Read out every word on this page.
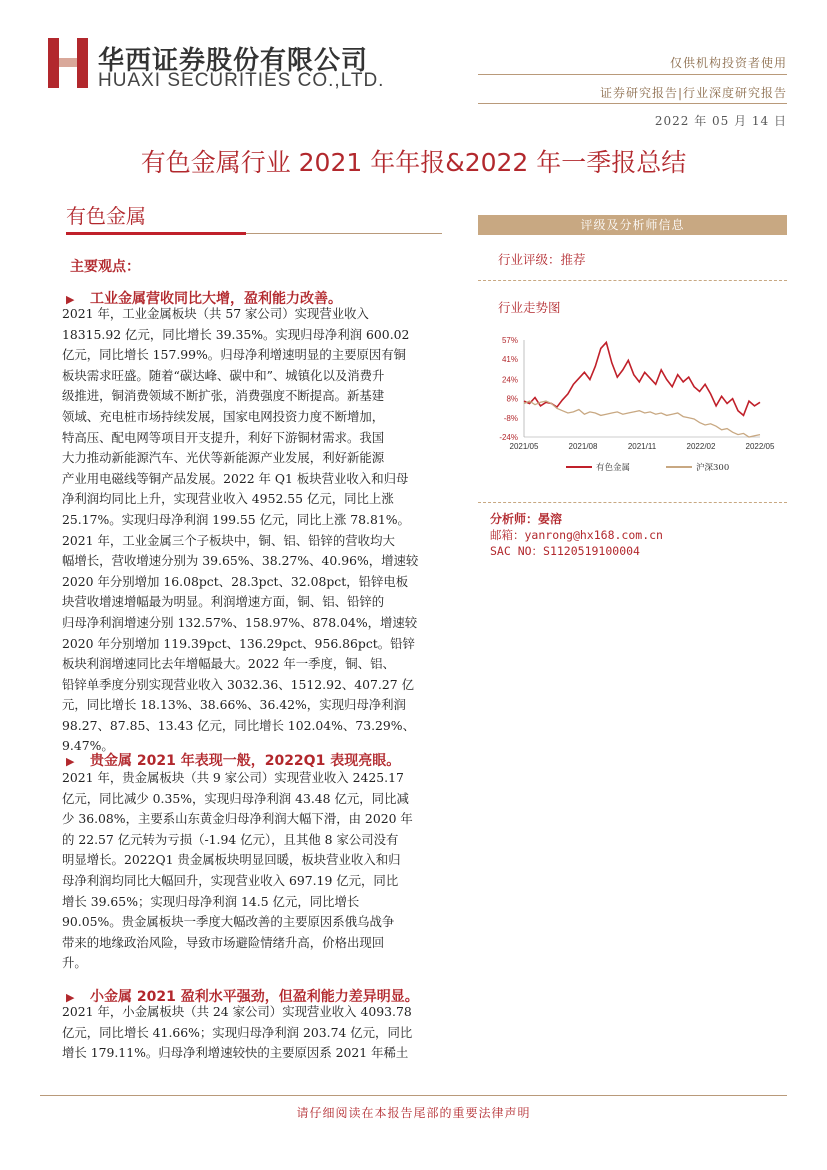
华西证券股份有限公司
HUAXI SECURITIES CO.,LTD.
仅供机构投资者使用
证券研究报告|行业深度研究报告
2022 年 05 月 14 日
有色金属行业 2021 年年报&2022 年一季报总结
有色金属
主要观点：
▶ 工业金属营收同比大增，盈利能力改善。
2021 年，工业金属板块（共 57 家公司）实现营业收入
18315.92 亿元，同比增长 39.35%。实现归母净利润 600.02
亿元，同比增长 157.99%。归母净利增速明显的主要原因有铜
板块需求旺盛。随着“碳达峰、碳中和”、城镇化以及消费升
级推进，铜消费领域不断扩张，消费强度不断提高。新基建
领域、充电桩市场持续发展，国家电网投资力度不断增加，
特高压、配电网等项目开支提升，利好下游铜材需求。我国
大力推动新能源汽车、光伏等新能源产业发展，利好新能源
产业用电磁线等铜产品发展。2022 年 Q1 板块营业收入和归母
净利润均同比上升，实现营业收入 4952.55 亿元，同比上涨
25.17%。实现归母净利润 199.55 亿元，同比上涨 78.81%。
2021 年，工业金属三个子板块中，铜、铝、铅锌的营收均大
幅增长，营收增速分别为 39.65%、38.27%、40.96%，增速较
2020 年分别增加 16.08pct、28.3pct、32.08pct，铅锌电板
块营收增速增幅最为明显。利润增速方面，铜、铝、铅锌的
归母净利润增速分别 132.57%、158.97%、878.04%，增速较
2020 年分别增加 119.39pct、136.29pct、956.86pct。铅锌
板块利润增速同比去年增幅最大。2022 年一季度，铜、铝、
铅锌单季度分别实现营业收入 3032.36、1512.92、407.27 亿
元，同比增长 18.13%、38.66%、36.42%，实现归母净利润
98.27、87.85、13.43 亿元，同比增长 102.04%、73.29%、
9.47%。
▶ 贵金属 2021 年表现一般，2022Q1 表现亮眼。
2021 年，贵金属板块（共 9 家公司）实现营业收入 2425.17
亿元，同比减少 0.35%，实现归母净利润 43.48 亿元，同比减
少 36.08%，主要系山东黄金归母净利润大幅下滑，由 2020 年
的 22.57 亿元转为亏损（-1.94 亿元），且其他 8 家公司没有
明显增长。2022Q1 贵金属板块明显回暖，板块营业收入和归
母净利润均同比大幅回升，实现营业收入 697.19 亿元，同比
增长 39.65%；实现归母净利润 14.5 亿元，同比增长
90.05%。贵金属板块一季度大幅改善的主要原因系俄乌战争
带来的地缘政治风险，导致市场避险情绪升高，价格出现回
升。
▶ 小金属 2021 盈利水平强劲，但盈利能力差异明显。
2021 年，小金属板块（共 24 家公司）实现营业收入 4093.78
亿元，同比增长 41.66%；实现归母净利润 203.74 亿元，同比
增长 179.11%。归母净利增速较快的主要原因系 2021 年稀土
评级及分析师信息
行业评级：推荐
行业走势图
57%
41%
24%
8%
-8%
-24%
2021/05	2021/08	2021/11	2022/02	2022/05
有色金属	沪深300
分析师：晏溶
邮箱：yanrong@hx168.com.cn
SAC NO：S1120519100004
请仔细阅读在本报告尾部的重要法律声明
